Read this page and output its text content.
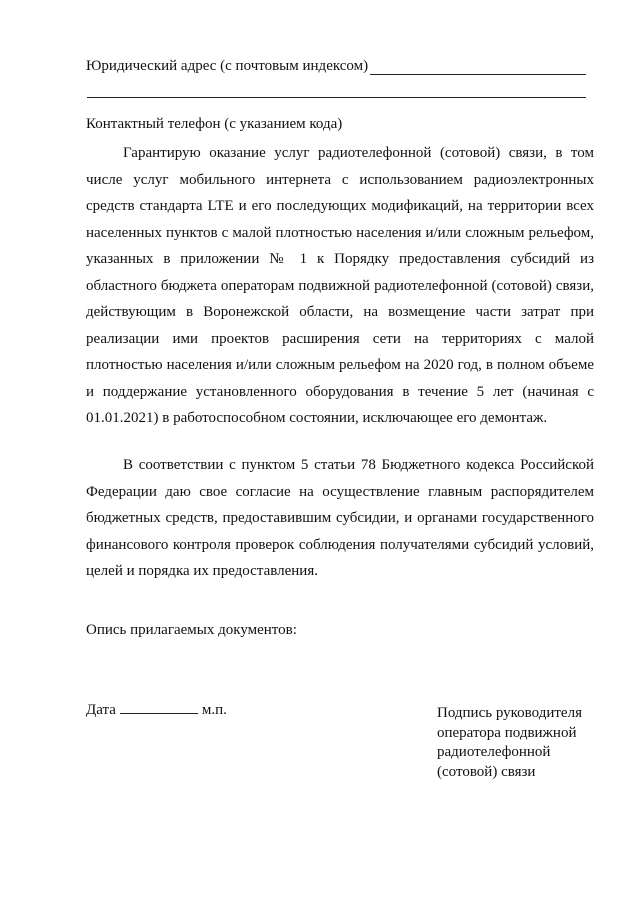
Юридический адрес (с почтовым индексом)
Контактный телефон (с указанием кода)

Гарантирую оказание услуг радиотелефонной (сотовой) связи, в том числе услуг мобильного интернета с использованием радиоэлектронных средств стандарта LTE и его последующих модификаций, на территории всех населенных пунктов с малой плотностью населения и/или сложным рельефом, указанных в приложении № 1 к Порядку предоставления субсидий из областного бюджета операторам подвижной радиотелефонной (сотовой) связи, действующим в Воронежской области, на возмещение части затрат при реализации ими проектов расширения сети на территориях с малой плотностью населения и/или сложным рельефом на 2020 год, в полном объеме и поддержание установленного оборудования в течение 5 лет (начиная с 01.01.2021) в работоспособном состоянии, исключающее его демонтаж.

В соответствии с пунктом 5 статьи 78 Бюджетного кодекса Российской Федерации даю свое согласие на осуществление главным распорядителем бюджетных средств, предоставившим субсидии, и органами государственного финансового контроля проверок соблюдения получателями субсидий условий, целей и порядка их предоставления.

Опись прилагаемых документов:
Дата	м.п.	Подпись руководителя
оператора подвижной
радиотелефонной
(сотовой) связи
